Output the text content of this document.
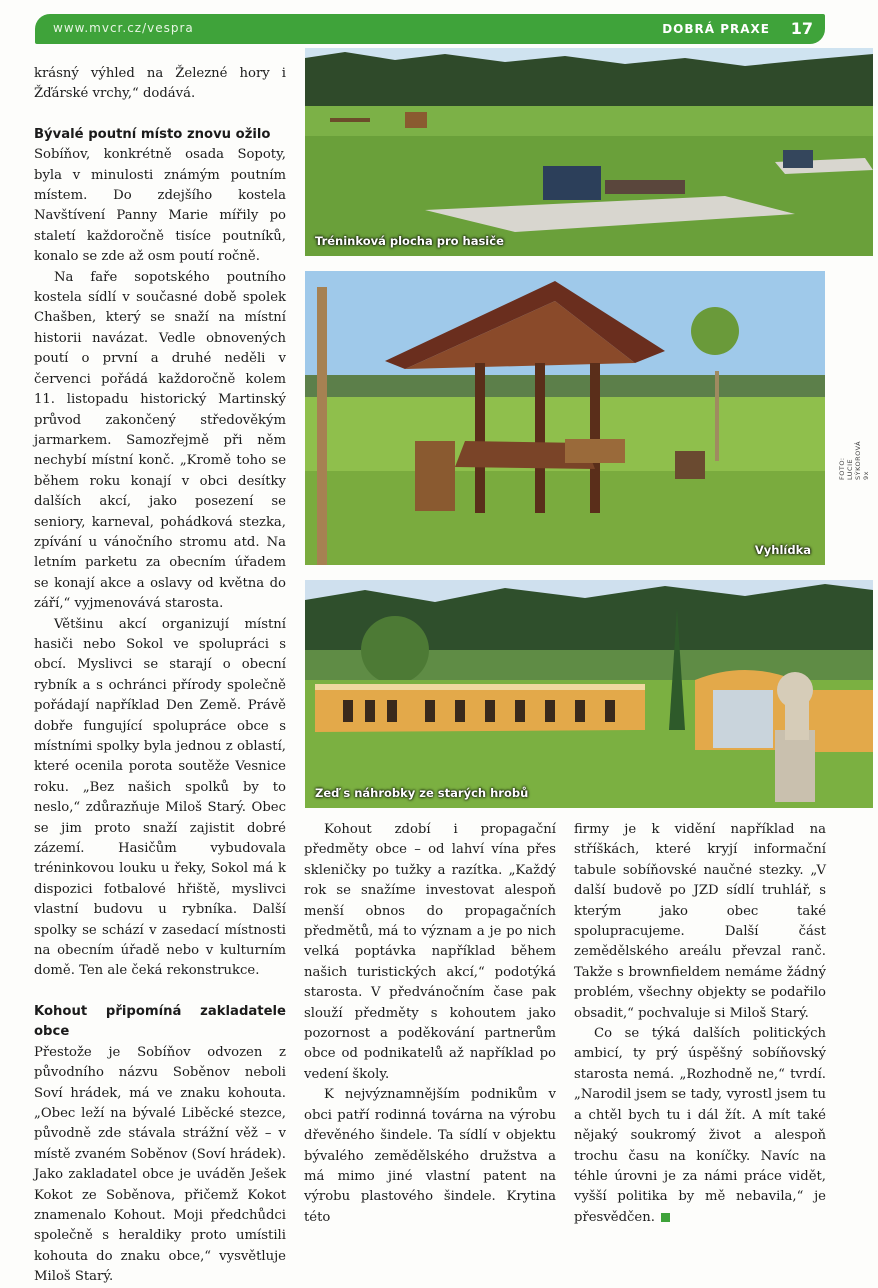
www.mvcr.cz/vespra	DOBRÁ PRAXE 17

krásný výhled na Železné hory i Žďárské vrchy,“ dodává.

Bývalé poutní místo znovu ožilo

Sobíňov, konkrétně osada Sopoty, byla v minulosti známým poutním místem. Do zdejšího kostela Navštívení Panny Marie mířily po staletí každoročně tisíce poutníků, konalo se zde až osm poutí ročně.

Na faře sopotského poutního kostela sídlí v současné době spolek Chašben, který se snaží na místní historii navázat. Vedle obnovených poutí o první a druhé neděli v červenci pořádá každoročně kolem 11. listopadu historický Martinský průvod zakončený středověkým jarmarkem. Samozřejmě při něm nechybí místní konč. „Kromě toho se během roku konají v obci desítky dalších akcí, jako posezení se seniory, karneval, pohádková stezka, zpívání u vánočního stromu atd. Na letním parketu za obecním úřadem se konají akce a oslavy od května do září,“ vyjmenovává starosta.

Většinu akcí organizují místní hasiči nebo Sokol ve spolupráci s obcí. Myslivci se starají o obecní rybník a s ochránci přírody společně pořádají například Den Země. Právě dobře fungující spolupráce obce s místními spolky byla jednou z oblastí, které ocenila porota soutěže Vesnice roku. „Bez našich spolků by to neslo,“ zdůrazňuje Miloš Starý. Obec se jim proto snaží zajistit dobré zázemí. Hasičům vybudovala tréninkovou louku u řeky, Sokol má k dispozici fotbalové hřiště, myslivci vlastní budovu u rybníka. Další spolky se schází v zasedací místnosti na obecním úřadě nebo v kulturním domě. Ten ale čeká rekonstrukce.

Kohout připomíná zakladatele obce

Přestože je Sobíňov odvozen z původního názvu Soběnov neboli Soví hrádek, má ve znaku kohouta. „Obec leží na bývalé Liběcké stezce, původně zde stávala strážní věž – v místě zvaném Soběnov (Soví hrádek). Jako zakladatel obce je uváděn Ješek Kokot ze Soběnova, přičemž Kokot znamenalo Kohout. Moji předchůdci společně s heraldiky proto umístili kohouta do znaku obce,“ vysvětluje Miloš Starý.

Tréninková plocha pro hasiče
Vyhlídka
FOTO: LUCIE SÝKOROVÁ 9x
Zeď s náhrobky ze starých hrobů

Kohout zdobí i propagační předměty obce – od lahví vína přes skleničky po tužky a razítka. „Každý rok se snažíme investovat alespoň menší obnos do propagačních předmětů, má to význam a je po nich velká poptávka například během našich turistických akcí,“ podotýká starosta. V předvánočním čase pak slouží předměty s kohoutem jako pozornost a poděkování partnerům obce od podnikatelů až například po vedení školy.

K nejvýznamnějším podnikům v obci patří rodinná továrna na výrobu dřevěného šindele. Ta sídlí v objektu bývalého zemědělského družstva a má mimo jiné vlastní patent na výrobu plastového šindele. Krytina této

firmy je k vidění například na stříškách, které kryjí informační tabule sobíňovské naučné stezky. „V další budově po JZD sídlí truhlář, s kterým jako obec také spolupracujeme. Další část zemědělského areálu převzal ranč. Takže s brownfieldem nemáme žádný problém, všechny objekty se podařilo obsadit,“ pochvaluje si Miloš Starý.

Co se týká dalších politických ambicí, ty prý úspěšný sobíňovský starosta nemá. „Rozhodně ne,“ tvrdí. „Narodil jsem se tady, vyrostl jsem tu a chtěl bych tu i dál žít. A mít také nějaký soukromý život a alespoň trochu času na koníčky. Navíc na téhle úrovni je za námi práce vidět, vyšší politika by mě nebavila,“ je přesvědčen.
